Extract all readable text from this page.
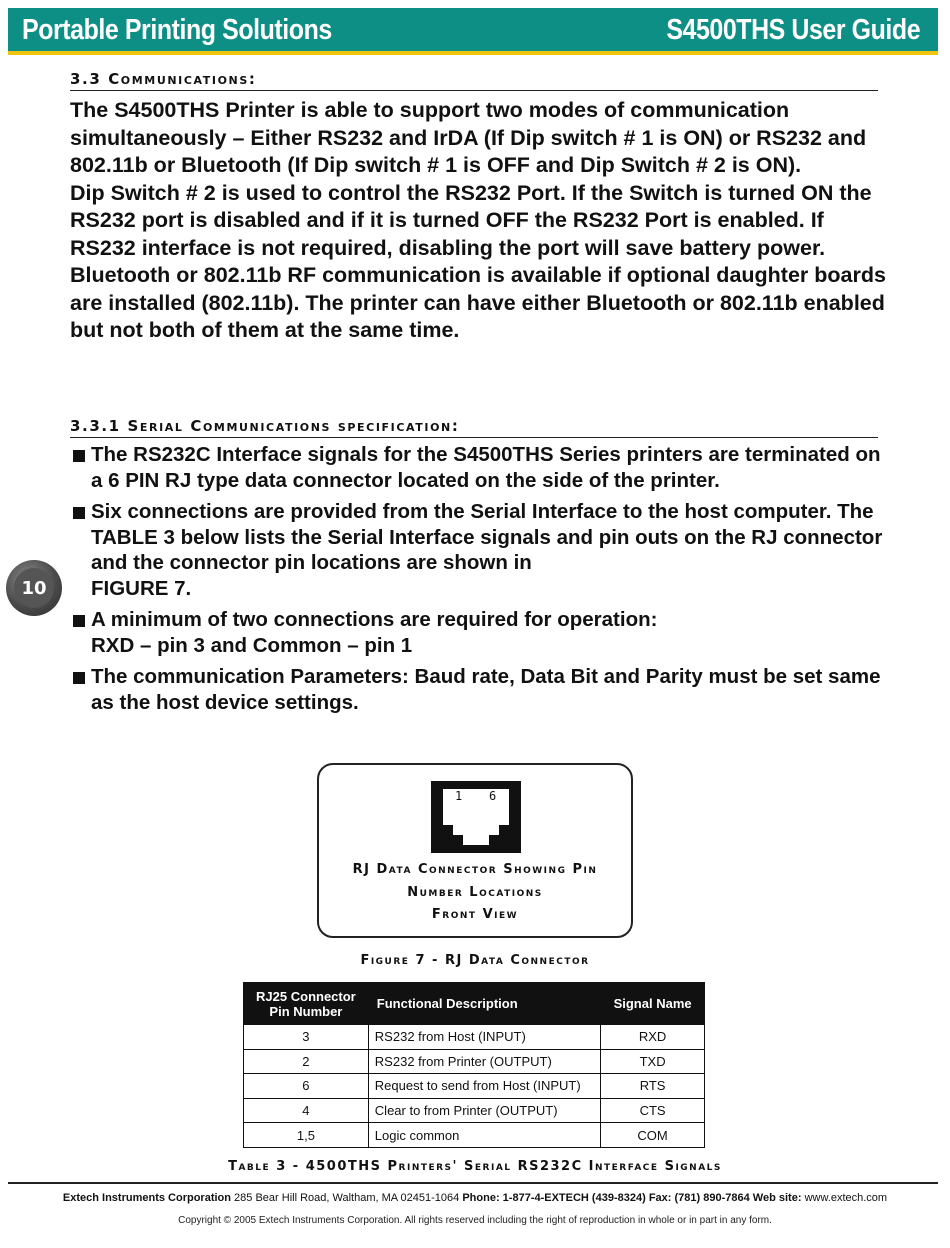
Portable Printing Solutions	S4500THS User Guide
3.3 Communications:

The S4500THS Printer is able to support two modes of communication simultaneously – Either RS232 and IrDA (If Dip switch # 1 is ON) or RS232 and 802.11b or Bluetooth (If Dip switch # 1 is OFF and Dip Switch # 2 is ON).

Dip Switch # 2 is used to control the RS232 Port. If the Switch is turned ON the RS232 port is disabled and if it is turned OFF the RS232 Port is enabled. If RS232 interface is not required, disabling the port will save battery power.

Bluetooth or 802.11b RF communication is available if optional daughter boards are installed (802.11b). The printer can have either Bluetooth or 802.11b enabled but not both of them at the same time.

3.3.1 Serial Communications specification:
The RS232C Interface signals for the S4500THS Series printers are terminated on a 6 PIN RJ type data connector located on the side of the printer.
Six connections are provided from the Serial Interface to the host computer. The TABLE 3 below lists the Serial Interface signals and pin outs on the RJ connector and the connector pin locations are shown in
FIGURE 7.
A minimum of two connections are required for operation:
RXD – pin 3 and Common – pin 1
The communication Parameters: Baud rate, Data Bit and Parity must be set same as the host device settings.
10
1 6
RJ Data Connector Showing Pin
Number Locations
Front View
Figure 7 - RJ Data Connector
RJ25 Connector Pin Number	Functional Description	Signal Name
3	RS232 from Host (INPUT)	RXD
2	RS232 from Printer (OUTPUT)	TXD
6	Request to send from Host (INPUT)	RTS
4	Clear to from Printer (OUTPUT)	CTS
1,5	Logic common	COM
Table 3 - 4500THS Printers' Serial RS232C Interface Signals
Extech Instruments Corporation 285 Bear Hill Road, Waltham, MA 02451-1064 Phone: 1-877-4-EXTECH (439-8324) Fax: (781) 890-7864 Web site: www.extech.com
Copyright © 2005 Extech Instruments Corporation. All rights reserved including the right of reproduction in whole or in part in any form.
